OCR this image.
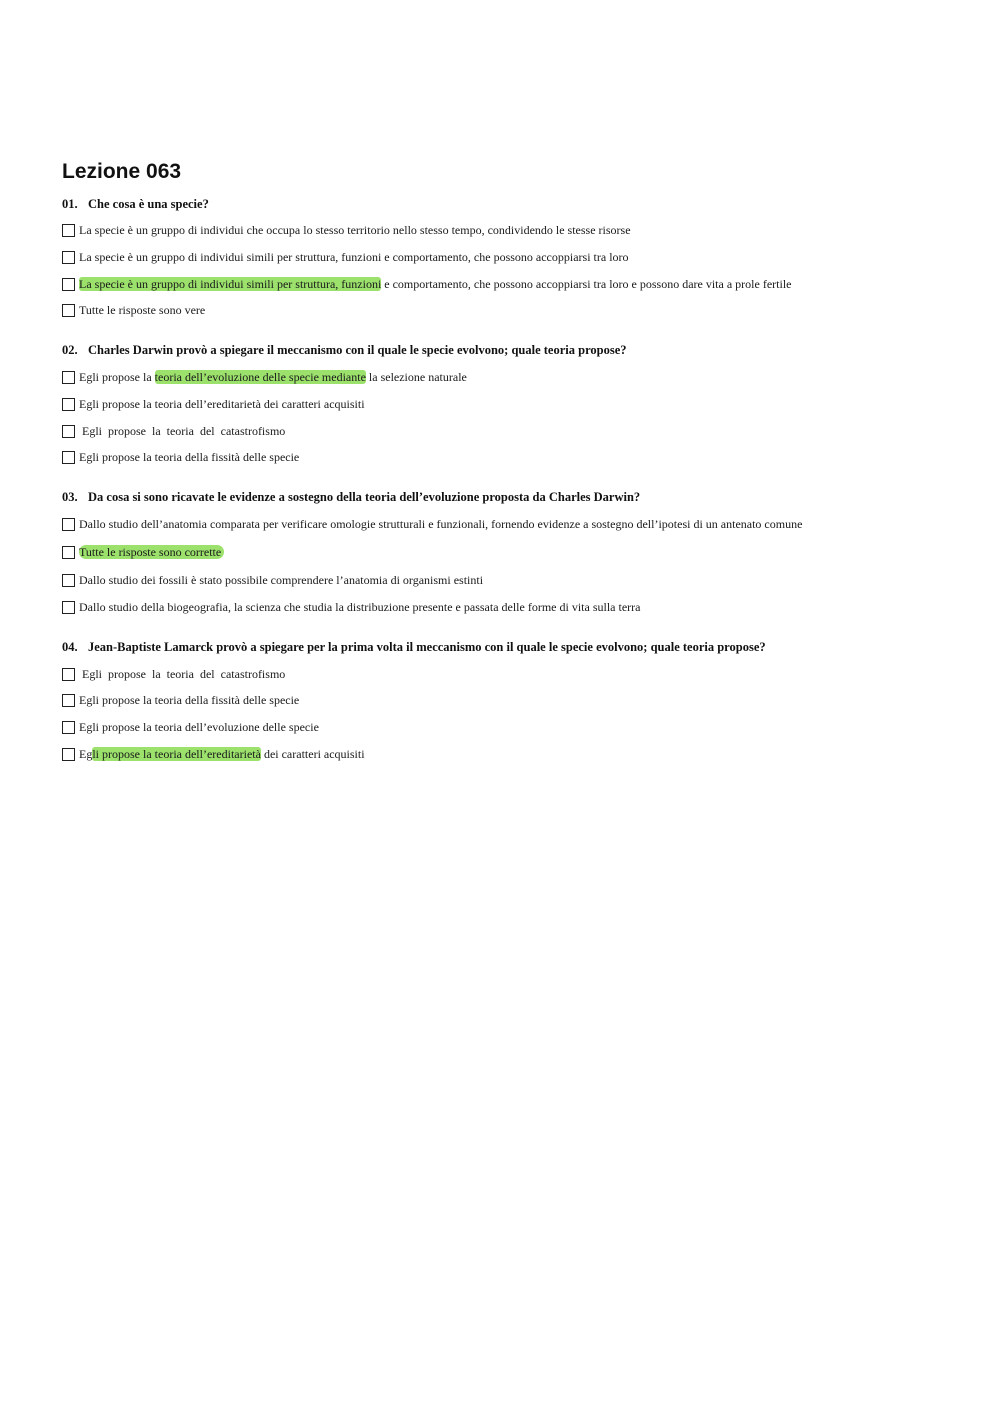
Lezione 063
01. Che cosa è una specie?
La specie è un gruppo di individui che occupa lo stesso territorio nello stesso tempo, condividendo le stesse risorse
La specie è un gruppo di individui simili per struttura, funzioni e comportamento, che possono accoppiarsi tra loro
La specie è un gruppo di individui simili per struttura, funzioni e comportamento, che possono accoppiarsi tra loro e possono dare vita a prole fertile
Tutte le risposte sono vere
02. Charles Darwin provò a spiegare il meccanismo con il quale le specie evolvono; quale teoria propose?
Egli propose la teoria dell’evoluzione delle specie mediante la selezione naturale
Egli propose la teoria dell’ereditarietà dei caratteri acquisiti
Egli  propose  la  teoria  del  catastrofismo
Egli propose la teoria della fissità delle specie
03. Da cosa si sono ricavate le evidenze a sostegno della teoria dell’evoluzione proposta da Charles Darwin?
Dallo studio dell’anatomia comparata per verificare omologie strutturali e funzionali, fornendo evidenze a sostegno dell’ipotesi di un antenato comune
Tutte le risposte sono corrette
Dallo studio dei fossili è stato possibile comprendere l’anatomia di organismi estinti
Dallo studio della biogeografia, la scienza che studia la distribuzione presente e passata delle forme di vita sulla terra
04. Jean-Baptiste Lamarck provò a spiegare per la prima volta il meccanismo con il quale le specie evolvono; quale teoria propose?
Egli  propose  la  teoria  del  catastrofismo
Egli propose la teoria della fissità delle specie
Egli propose la teoria dell’evoluzione delle specie
Egli propose la teoria dell’ereditarietà dei caratteri acquisiti
